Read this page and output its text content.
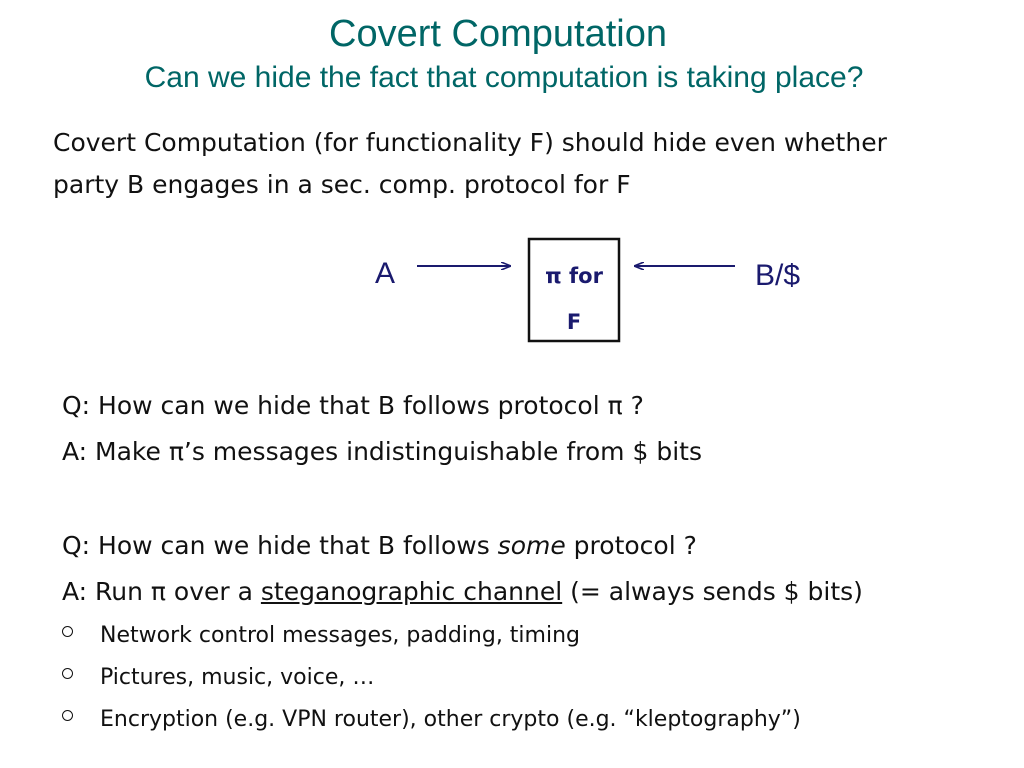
Covert Computation
Can we hide the fact that computation is taking place?
Covert Computation (for functionality F) should hide even whether
party B engages in a sec. comp. protocol for F
A	π for
F
B/$
Q: How can we hide that B follows protocol π ?
A: Make π’s messages indistinguishable from $ bits
Q: How can we hide that B follows some protocol ?
A: Run π over a steganographic channel (= always sends $ bits)
Network control messages, padding, timing
Pictures, music, voice, …
Encryption (e.g. VPN router), other crypto (e.g. “kleptography”)
